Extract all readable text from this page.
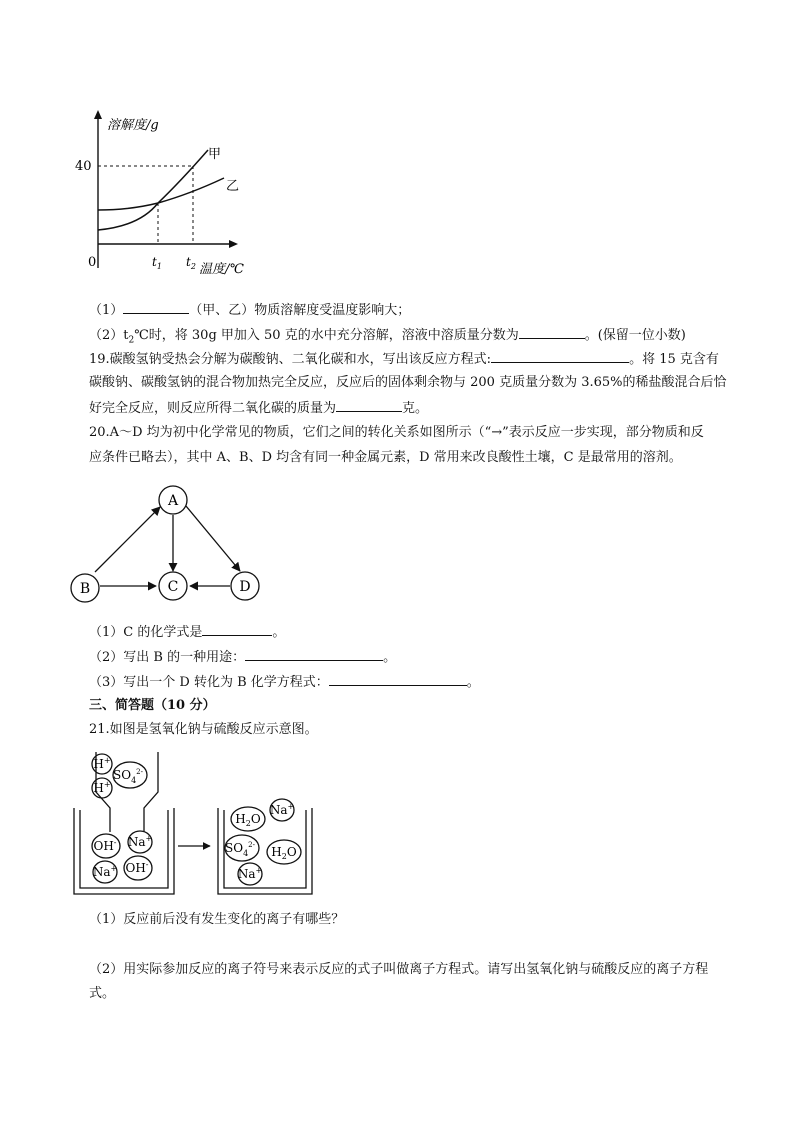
溶解度/g
40
0
甲
乙
$t_1$ $t_2$ 温度/℃
（1）	（甲、乙）物质溶解度受温度影响大；
$(2)t_2℃$时，将 30g 甲加入 50 克的水中充分溶解，溶液中溶质量分数为	。(保留一位小数)
19.碳酸氢钠受热会分解为碳酸钠、二氧化碳和水，写出该反应方程式:	。将 15 克含有
碳酸钠、碳酸氢钠的混合物加热完全反应，反应后的固体剩余物与 200 克质量分数为 3.65%的稀盐酸混合后恰
好完全反应，则反应所得二氧化碳的质量为	克。
20.A～D 均为初中化学常见的物质，它们之间的转化关系如图所示（“→”表示反应一步实现，部分物质和反
应条件已略去），其中 A、B、D 均含有同一种金属元素，D 常用来改良酸性土壤，C 是最常用的溶剂。
A
B	C	D
（1）C 的化学式是	。
（2）写出 B 的一种用途：	。
（3）写出一个 D 转化为 B 化学方程式：	。
三、简答题（10 分）
21.如图是氢氧化钠与硫酸反应示意图。
H+
H+
$SO_4^{2-}$
OH- Na+
Na+ OH-
$H_2O$
Na+
$SO_4^{2-}$ $H_2O$
Na+
（1）反应前后没有发生变化的离子有哪些？
（2）用实际参加反应的离子符号来表示反应的式子叫做离子方程式。请写出氢氧化钠与硫酸反应的离子方程
式。
